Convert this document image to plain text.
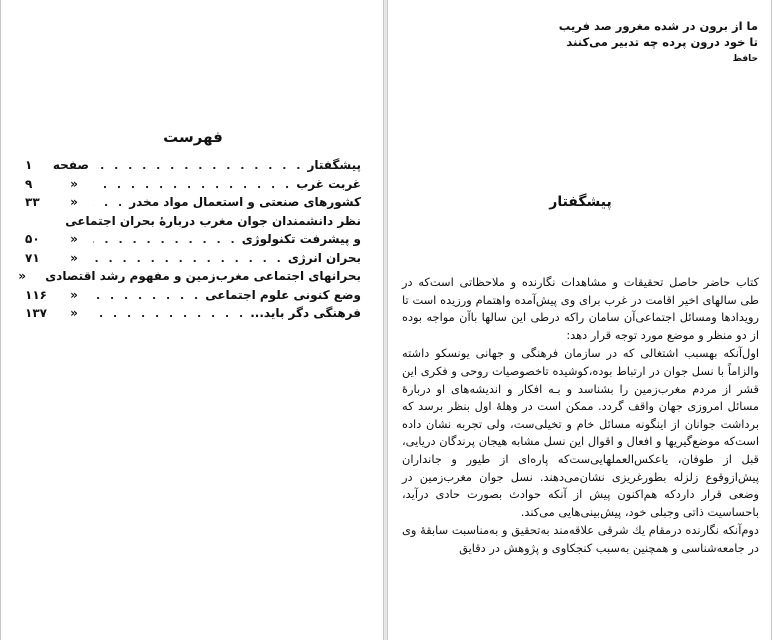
فهرست
پیشگفتار
. . .
صفحه
۱
غربت غرب
. . .
«
۹
کشورهای صنعتی و استعمال مواد مخدر
. . .
«
۳۳
نظر دانشمندان جوان مغرب دربارهٔ بحران اجتماعی
و پیشرفت تکنولوژی
. . .
«
۵۰
بحران انرژی
. . .
«
۷۱
بحرانهای اجتماعی مغرب‌زمین و مفهوم رشد اقتصادی
«
وضع کنونی علوم اجتماعی
. . .
«
۱۱۶
فرهنگی دگر باید...
. . .
«
۱۳۷
ما از برون در شده مغرور صد فریب
تا خود درون پرده چه تدبیر می‌کنند
حافظ
پیشگفتار

کتاب حاضر حاصل تحقیقات و مشاهدات نگارنده و ملاحظاتی است‌که در طی سالهای اخیر اقامت در غرب برای وی پیش‌آمده واهتمام ورزیده است تا رویدادها ومسائل اجتماعی‌آن سامان راکه درطی این سالها باآن مواجه بوده از دو منظر و موضع مورد توجه قرار دهد:

اول‌آنکه بهسبب اشتغالی که در سازمان فرهنگی و جهانی یونسکو داشته والزاماً با نسل جوان در ارتباط بوده،کوشیده تاخصوصیات روحی و فکری این قشر از مردم مغرب‌زمین را بشناسد و بـه افکار و اندیشه‌های او دربارهٔ مسائل امروزی جهان واقف گردد. ممکن است در وهلهٔ اول بنظر برسد که برداشت جوانان از اینگونه مسائل خام و تخیلی‌ست، ولی تجربه نشان داده است‌که موضع‌گیریها و افعال و اقوال این نسل مشابه هیجان پرندگان دریایی، قبل از طوفان، یاعکس‌العملهایی‌ست‌که پاره‌ای از طیور و جانداران پیش‌ازوقوع زلزله بطورغریزی نشان‌می‌دهند. نسل جوان مغرب‌زمین در وضعی قرار داردکه هم‌اکنون پیش از آنکه حوادث بصورت حادی درآید، باحساسیت ذاتی وجبلی خود، پیش‌بینی‌هایی می‌کند.

دوم‌آنکه نگارنده درمقام یك شرقی علاقه‌مند به‌تحقیق و به‌مناسبت سابقهٔ وی در جامعه‌شناسی و همچنین به‌سبب کنجکاوی و پژوهش در دقایق
